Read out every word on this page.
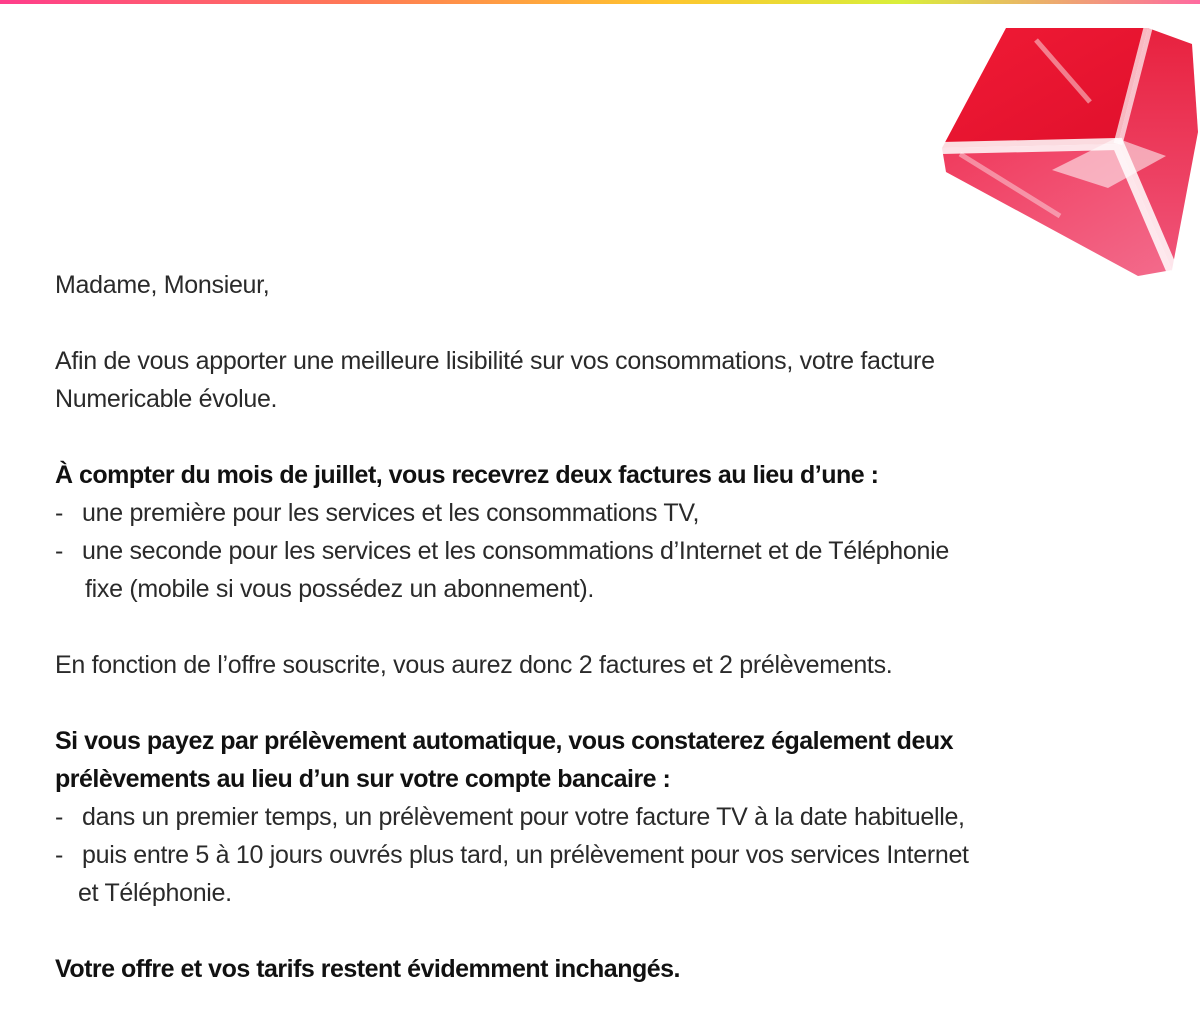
Madame, Monsieur,

Afin de vous apporter une meilleure lisibilité sur vos consommations, votre facture

Numericable évolue.

À compter du mois de juillet, vous recevrez deux factures au lieu d’une :

- une première pour les services et les consommations TV,

- une seconde pour les services et les consommations d’Internet et de Téléphonie

fixe (mobile si vous possédez un abonnement).

En fonction de l’offre souscrite, vous aurez donc 2 factures et 2 prélèvements.

Si vous payez par prélèvement automatique, vous constaterez également deux

prélèvements au lieu d’un sur votre compte bancaire :

- dans un premier temps, un prélèvement pour votre facture TV à la date habituelle,

- puis entre 5 à 10 jours ouvrés plus tard, un prélèvement pour vos services Internet

et Téléphonie.

Votre offre et vos tarifs restent évidemment inchangés.
